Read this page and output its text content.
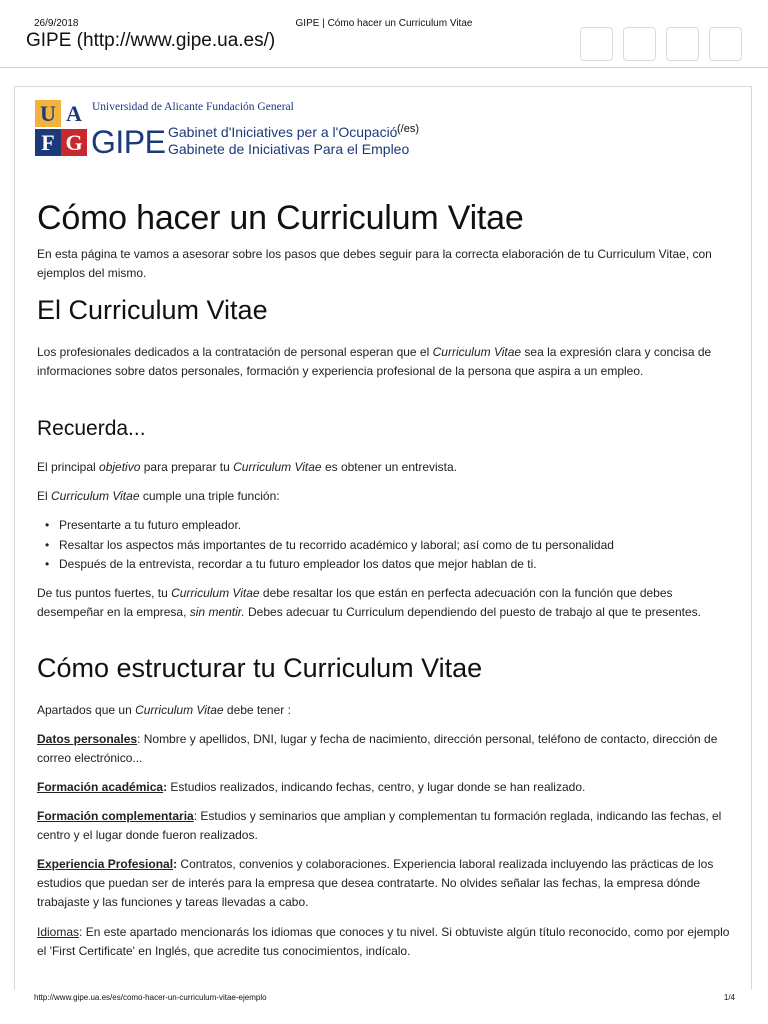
26/9/2018	GIPE | Cómo hacer un Curriculum Vitae
GIPE (http://www.gipe.ua.es/)
U A
F G
Universidad de Alicante Fundación General
GIPE Gabinet d'Iniciatives per a l'Ocupació
Gabinete de Iniciativas Para el Empleo
(/es)
Cómo hacer un Curriculum Vitae

En esta página te vamos a asesorar sobre los pasos que debes seguir para la correcta elaboración de tu Curriculum Vitae, con ejemplos del mismo.

El Curriculum Vitae

Los profesionales dedicados a la contratación de personal esperan que el Curriculum Vitae sea la expresión clara y concisa de informaciones sobre datos personales, formación y experiencia profesional de la persona que aspira a un empleo.

Recuerda...

El principal objetivo para preparar tu Curriculum Vitae es obtener un entrevista.

El Curriculum Vitae cumple una triple función:

• Presentarte a tu futuro empleador.
• Resaltar los aspectos más importantes de tu recorrido académico y laboral; así como de tu personalidad
• Después de la entrevista, recordar a tu futuro empleador los datos que mejor hablan de ti.

De tus puntos fuertes, tu Curriculum Vitae debe resaltar los que están en perfecta adecuación con la función que debes desempeñar en la empresa, sin mentir. Debes adecuar tu Curriculum dependiendo del puesto de trabajo al que te presentes.

Cómo estructurar tu Curriculum Vitae

Apartados que un Curriculum Vitae debe tener :

Datos personales: Nombre y apellidos, DNI, lugar y fecha de nacimiento, dirección personal, teléfono de contacto, dirección de correo electrónico...

Formación académica: Estudios realizados, indicando fechas, centro, y lugar donde se han realizado.

Formación complementaria: Estudios y seminarios que amplian y complementan tu formación reglada, indicando las fechas, el centro y el lugar donde fueron realizados.

Experiencia Profesional: Contratos, convenios y colaboraciones. Experiencia laboral realizada incluyendo las prácticas de los estudios que puedan ser de interés para la empresa que desea contratarte. No olvides señalar las fechas, la empresa dónde trabajaste y las funciones y tareas llevadas a cabo.

Idiomas: En este apartado mencionarás los idiomas que conoces y tu nivel. Si obtuviste algún título reconocido, como por ejemplo el 'First Certificate' en Inglés, que acredite tus conocimientos, indícalo.

http://www.gipe.ua.es/es/como-hacer-un-curriculum-vitae-ejemplo	1/4
